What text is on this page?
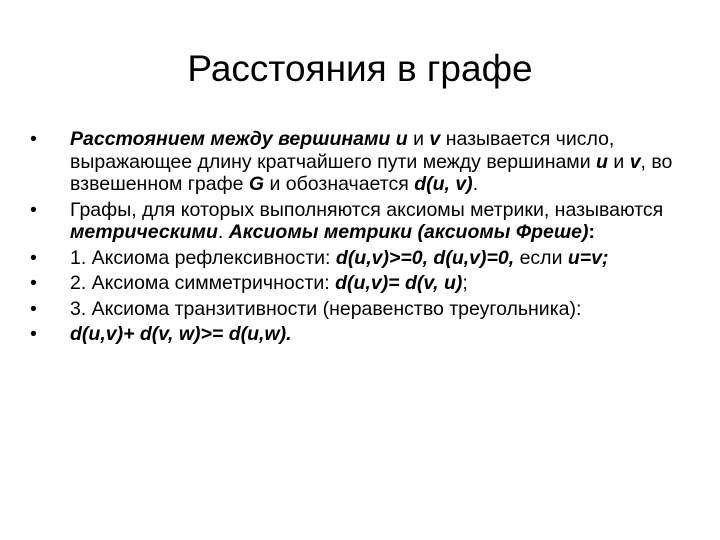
Расстояния в графе
•	Расстоянием между вершинами u и v называется число, выражающее длину кратчайшего пути между вершинами u и v, во взвешенном графе G и обозначается d(u, v).
•	Графы, для которых выполняются аксиомы метрики, называются метрическими. Аксиомы метрики (аксиомы Фреше):
•	1. Аксиома рефлексивности: d(u,v)>=0, d(u,v)=0, если u=v;
•	2. Аксиома симметричности: d(u,v)= d(v, u);
•	3. Аксиома транзитивности (неравенство треугольника):
•	d(u,v)+ d(v, w)>= d(u,w).
